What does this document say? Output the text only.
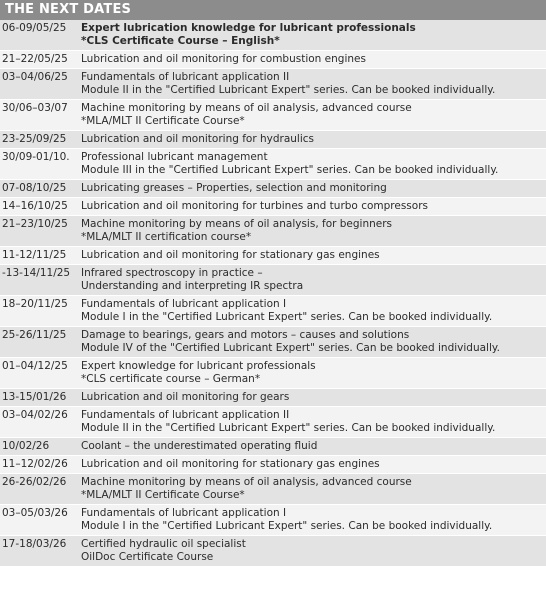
THE NEXT DATES
06-09/05/25	Expert lubrication knowledge for lubricant professionals
*CLS Certificate Course – English*
21–22/05/25	Lubrication and oil monitoring for combustion engines
03–04/06/25	Fundamentals of lubricant application II
Module II in the "Certified Lubricant Expert" series. Can be booked individually.
30/06–03/07	Machine monitoring by means of oil analysis, advanced course
*MLA/MLT II Certificate Course*
23-25/09/25	Lubrication and oil monitoring for hydraulics
30/09-01/10.	Professional lubricant management
Module III in the "Certified Lubricant Expert" series. Can be booked individually.
07-08/10/25	Lubricating greases – Properties, selection and monitoring
14–16/10/25	Lubrication and oil monitoring for turbines and turbo compressors
21–23/10/25	Machine monitoring by means of oil analysis, for beginners
*MLA/MLT II certification course*
11-12/11/25	Lubrication and oil monitoring for stationary gas engines
-13-14/11/25	Infrared spectroscopy in practice –
Understanding and interpreting IR spectra
18–20/11/25	Fundamentals of lubricant application I
Module I in the "Certified Lubricant Expert" series. Can be booked individually.
25-26/11/25	Damage to bearings, gears and motors – causes and solutions
Module IV of the "Certified Lubricant Expert" series. Can be booked individually.
01–04/12/25	Expert knowledge for lubricant professionals
*CLS certificate course – German*
13-15/01/26	Lubrication and oil monitoring for gears
03–04/02/26	Fundamentals of lubricant application II
Module II in the "Certified Lubricant Expert" series. Can be booked individually.
10/02/26	Coolant – the underestimated operating fluid
11–12/02/26	Lubrication and oil monitoring for stationary gas engines
26-26/02/26	Machine monitoring by means of oil analysis, advanced course
*MLA/MLT II Certificate Course*
03–05/03/26	Fundamentals of lubricant application I
Module I in the "Certified Lubricant Expert" series. Can be booked individually.
17-18/03/26	Certified hydraulic oil specialist
OilDoc Certificate Course
